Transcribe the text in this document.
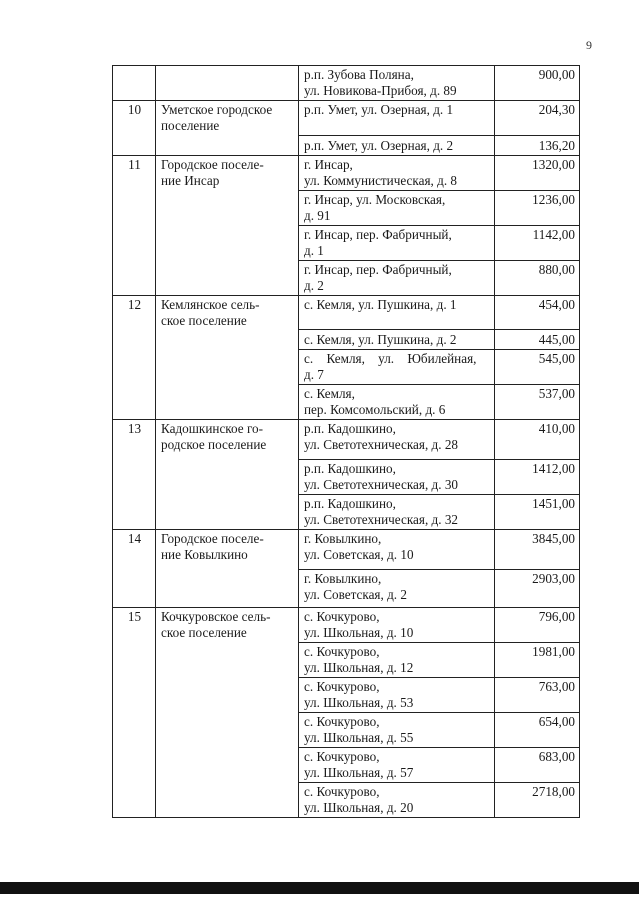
9

		р.п. Зубова Поляна,
ул. Новикова-Прибоя, д. 89	900,00
10	Уметское городское
поселение	р.п. Умет, ул. Озерная, д. 1	204,30

		р.п. Умет, ул. Озерная, д. 2	136,20
11	Городское поселе-
ние Инсар	г. Инсар,
ул. Коммунистическая, д. 8	1320,00

		г. Инсар, ул. Московская,
д. 91	1236,00

		г. Инсар, пер. Фабричный,
д. 1	1142,00

		г. Инсар, пер. Фабричный,
д. 2	880,00
12	Кемлянское сель-
ское поселение	с. Кемля, ул. Пушкина, д. 1	454,00

		с. Кемля, ул. Пушкина, д. 2	445,00

		с. Кемля, ул. Юбилейная,
д. 7	545,00

		с. Кемля,
пер. Комсомольский, д. 6	537,00
13	Кадошкинское го-
родское поселение	р.п. Кадошкино,
ул. Светотехническая, д. 28	410,00

		р.п. Кадошкино,
ул. Светотехническая, д. 30	1412,00

		р.п. Кадошкино,
ул. Светотехническая, д. 32	1451,00
14	Городское поселе-
ние Ковылкино	г. Ковылкино,
ул. Советская, д. 10	3845,00

		г. Ковылкино,
ул. Советская, д. 2	2903,00
15	Кочкуровское сель-
ское поселение	с. Кочкурово,
ул. Школьная, д. 10	796,00

		с. Кочкурово,
ул. Школьная, д. 12	1981,00

		с. Кочкурово,
ул. Школьная, д. 53	763,00

		с. Кочкурово,
ул. Школьная, д. 55	654,00

		с. Кочкурово,
ул. Школьная, д. 57	683,00

		с. Кочкурово,
ул. Школьная, д. 20	2718,00
